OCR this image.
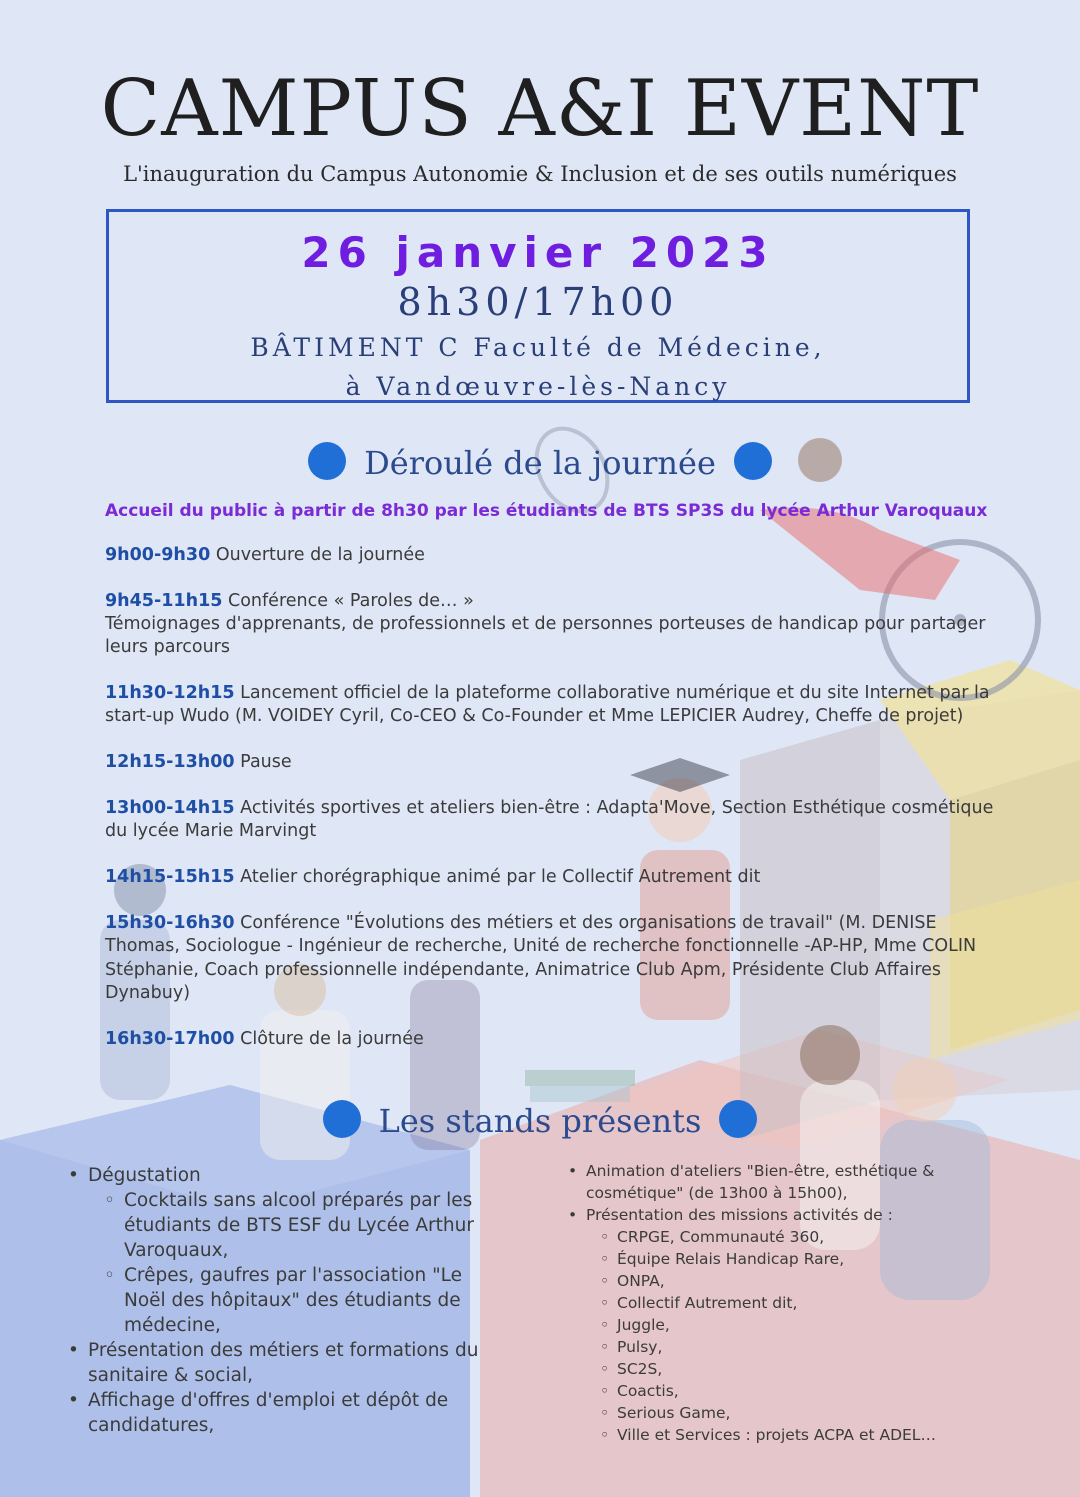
CAMPUS A&I EVENT
L'inauguration du Campus Autonomie & Inclusion et de ses outils numériques
26 janvier 2023
8h30/17h00
BÂTIMENT C Faculté de Médecine,
à Vandœuvre-lès-Nancy
Déroulé de la journée
Accueil du public à partir de 8h30 par les étudiants de BTS SP3S du lycée Arthur Varoquaux
9h00-9h30 Ouverture de la journée
9h45-11h15 Conférence « Paroles de… »
Témoignages d'apprenants, de professionnels et de personnes porteuses de handicap pour partager leurs parcours
11h30-12h15 Lancement officiel de la plateforme collaborative numérique et du site Internet par la start-up Wudo (M. VOIDEY Cyril, Co-CEO & Co-Founder et Mme LEPICIER Audrey, Cheffe de projet)
12h15-13h00 Pause
13h00-14h15 Activités sportives et ateliers bien-être : Adapta'Move, Section Esthétique cosmétique du lycée Marie Marvingt
14h15-15h15 Atelier chorégraphique animé par le Collectif Autrement dit
15h30-16h30 Conférence "Évolutions des métiers et des organisations de travail" (M. DENISE Thomas, Sociologue - Ingénieur de recherche, Unité de recherche fonctionnelle -AP-HP, Mme COLIN Stéphanie, Coach professionnelle indépendante, Animatrice Club Apm, Présidente Club Affaires Dynabuy)
16h30-17h00 Clôture de la journée
Les stands présents
• Dégustation
◦ Cocktails sans alcool préparés par les étudiants de BTS ESF du Lycée Arthur Varoquaux,
◦ Crêpes, gaufres par l'association "Le Noël des hôpitaux" des étudiants de médecine,
• Présentation des métiers et formations du sanitaire & social,
• Affichage d'offres d'emploi et dépôt de candidatures,
• Animation d'ateliers "Bien-être, esthétique & cosmétique" (de 13h00 à 15h00),
• Présentation des missions activités de :
◦ CRPGE, Communauté 360,
◦ Équipe Relais Handicap Rare,
◦ ONPA,
◦ Collectif Autrement dit,
◦ Juggle,
◦ Pulsy,
◦ SC2S,
◦ Coactis,
◦ Serious Game,
◦ Ville et Services : projets ACPA et ADEL…
